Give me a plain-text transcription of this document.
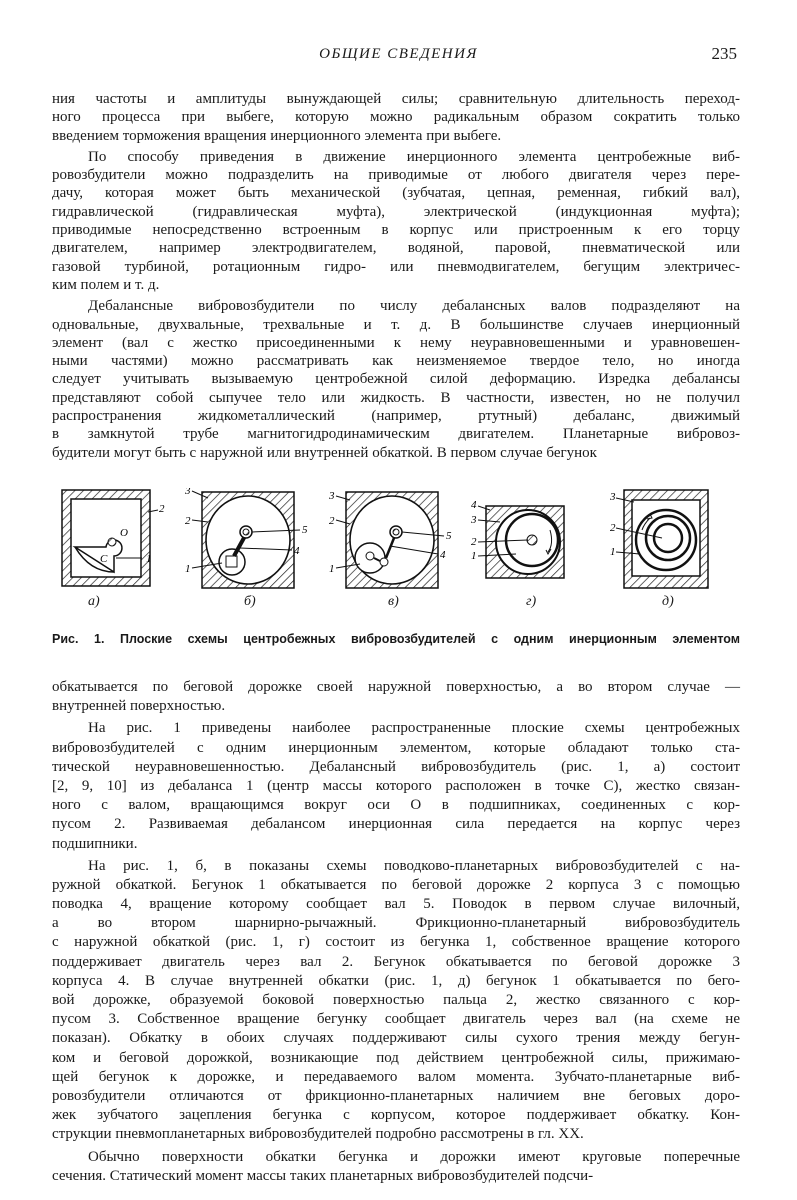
ОБЩИЕ СВЕДЕНИЯ	235
ния частоты и амплитуды вынуждающей силы; сравнительную длительность переход-
ного процесса при выбеге, которую можно радикальным образом сократить только
введением торможения вращения инерционного элемента при выбеге.
По способу приведения в движение инерционного элемента центробежные виб-
ровозбудители можно подразделить на приводимые от любого двигателя через пере-
дачу, которая может быть механической (зубчатая, цепная, ременная, гибкий вал),
гидравлической (гидравлическая муфта), электрической (индукционная муфта);
приводимые непосредственно встроенным в корпус или пристроенным к его торцу
двигателем, например электродвигателем, водяной, паровой, пневматической или
газовой турбиной, ротационным гидро- или пневмодвигателем, бегущим электричес-
ким полем и т. д.
Дебалансные вибровозбудители по числу дебалансных валов подразделяют на
одновальные, двухвальные, трехвальные и т. д. В большинстве случаев инерционный
элемент (вал с жестко присоединенными к нему неуравновешенными и уравновешен-
ными частями) можно рассматривать как неизменяемое твердое тело, но иногда
следует учитывать вызываемую центробежной силой деформацию. Изредка дебалансы
представляют собой сыпучее тело или жидкость. В частности, известен, но не получил
распространения жидкометаллический (например, ртутный) дебаланс, движимый
в замкнутой трубе магнитогидродинамическим двигателем. Планетарные вибровоз-
будители могут быть с наружной или внутренней обкаткой. В первом случае бегунок
О
С	1
2
а)
3
2
1
5
4
б)
3
2
1
5
4
в)
4
3
2
1
г)
3
2
1
д)
Рис. 1. Плоские схемы центробежных вибровозбудителей с одним инерционным элементом
обкатывается по беговой дорожке своей наружной поверхностью, а во втором случае —
внутренней поверхностью.
На рис. 1 приведены наиболее распространенные плоские схемы центробежных
вибровозбудителей с одним инерционным элементом, которые обладают только ста-
тической неуравновешенностью. Дебалансный вибровозбудитель (рис. 1, а) состоит
[2, 9, 10] из дебаланса 1 (центр массы которого расположен в точке С), жестко связан-
ного с валом, вращающимся вокруг оси О в подшипниках, соединенных с кор-
пусом 2. Развиваемая дебалансом инерционная сила передается на корпус через
подшипники.
На рис. 1, б, в показаны схемы поводково-планетарных вибровозбудителей с на-
ружной обкаткой. Бегунок 1 обкатывается по беговой дорожке 2 корпуса 3 с помощью
поводка 4, вращение которому сообщает вал 5. Поводок в первом случае вилочный,
а во втором шарнирно-рычажный. Фрикционно-планетарный вибровозбудитель
с наружной обкаткой (рис. 1, г) состоит из бегунка 1, собственное вращение которого
поддерживает двигатель через вал 2. Бегунок обкатывается по беговой дорожке 3
корпуса 4. В случае внутренней обкатки (рис. 1, д) бегунок 1 обкатывается по бего-
вой дорожке, образуемой боковой поверхностью пальца 2, жестко связанного с кор-
пусом 3. Собственное вращение бегунку сообщает двигатель через вал (на схеме не
показан). Обкатку в обоих случаях поддерживают силы сухого трения между бегун-
ком и беговой дорожкой, возникающие под действием центробежной силы, прижимаю-
щей бегунок к дорожке, и передаваемого валом момента. Зубчато-планетарные виб-
ровозбудители отличаются от фрикционно-планетарных наличием вне беговых доро-
жек зубчатого зацепления бегунка с корпусом, которое поддерживает обкатку. Кон-
струкции пневмопланетарных вибровозбудителей подробно рассмотрены в гл. XX.
Обычно поверхности обкатки бегунка и дорожки имеют круговые поперечные
сечения. Статический момент массы таких планетарных вибровозбудителей подсчи-
